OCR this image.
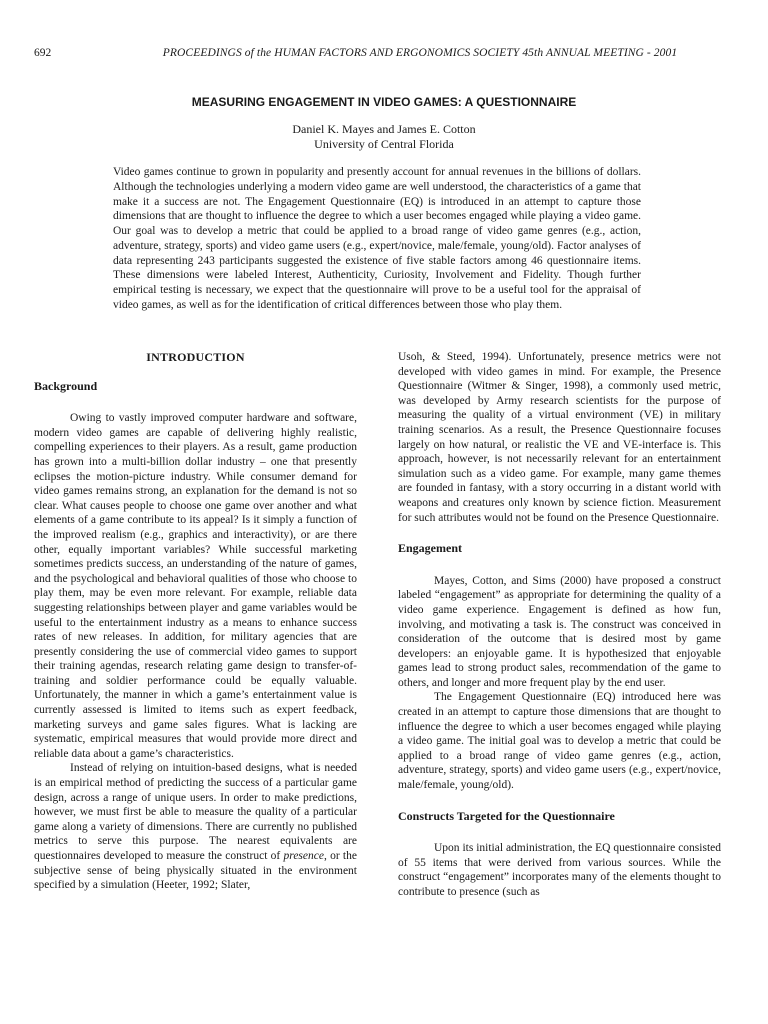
692	PROCEEDINGS of the HUMAN FACTORS AND ERGONOMICS SOCIETY 45th ANNUAL MEETING - 2001
MEASURING ENGAGEMENT IN VIDEO GAMES: A QUESTIONNAIRE
Daniel K. Mayes and James E. Cotton
University of Central Florida

Video games continue to grown in popularity and presently account for annual revenues in the billions of dollars. Although the technologies underlying a modern video game are well understood, the characteristics of a game that make it a success are not. The Engagement Questionnaire (EQ) is introduced in an attempt to capture those dimensions that are thought to influence the degree to which a user becomes engaged while playing a video game. Our goal was to develop a metric that could be applied to a broad range of video game genres (e.g., action, adventure, strategy, sports) and video game users (e.g., expert/novice, male/female, young/old). Factor analyses of data representing 243 participants suggested the existence of five stable factors among 46 questionnaire items. These dimensions were labeled Interest, Authenticity, Curiosity, Involvement and Fidelity. Though further empirical testing is necessary, we expect that the questionnaire will prove to be a useful tool for the appraisal of video games, as well as for the identification of critical differences between those who play them.

INTRODUCTION
Background

Owing to vastly improved computer hardware and software, modern video games are capable of delivering highly realistic, compelling experiences to their players. As a result, game production has grown into a multi-billion dollar industry – one that presently eclipses the motion-picture industry. While consumer demand for video games remains strong, an explanation for the demand is not so clear. What causes people to choose one game over another and what elements of a game contribute to its appeal? Is it simply a function of the improved realism (e.g., graphics and interactivity), or are there other, equally important variables? While successful marketing sometimes predicts success, an understanding of the nature of games, and the psychological and behavioral qualities of those who choose to play them, may be even more relevant. For example, reliable data suggesting relationships between player and game variables would be useful to the entertainment industry as a means to enhance success rates of new releases. In addition, for military agencies that are presently considering the use of commercial video games to support their training agendas, research relating game design to transfer-of-training and soldier performance could be equally valuable. Unfortunately, the manner in which a game’s entertainment value is currently assessed is limited to items such as expert feedback, marketing surveys and game sales figures. What is lacking are systematic, empirical measures that would provide more direct and reliable data about a game’s characteristics.

Instead of relying on intuition-based designs, what is needed is an empirical method of predicting the success of a particular game design, across a range of unique users. In order to make predictions, however, we must first be able to measure the quality of a particular game along a variety of dimensions. There are currently no published metrics to serve this purpose. The nearest equivalents are questionnaires developed to measure the construct of presence, or the subjective sense of being physically situated in the environment specified by a simulation (Heeter, 1992; Slater,

Usoh, & Steed, 1994). Unfortunately, presence metrics were not developed with video games in mind. For example, the Presence Questionnaire (Witmer & Singer, 1998), a commonly used metric, was developed by Army research scientists for the purpose of measuring the quality of a virtual environment (VE) in military training scenarios. As a result, the Presence Questionnaire focuses largely on how natural, or realistic the VE and VE-interface is. This approach, however, is not necessarily relevant for an entertainment simulation such as a video game. For example, many game themes are founded in fantasy, with a story occurring in a distant world with weapons and creatures only known by science fiction. Measurement for such attributes would not be found on the Presence Questionnaire.

Engagement

Mayes, Cotton, and Sims (2000) have proposed a construct labeled “engagement” as appropriate for determining the quality of a video game experience. Engagement is defined as how fun, involving, and motivating a task is. The construct was conceived in consideration of the outcome that is desired most by game developers: an enjoyable game. It is hypothesized that enjoyable games lead to strong product sales, recommendation of the game to others, and longer and more frequent play by the end user.

The Engagement Questionnaire (EQ) introduced here was created in an attempt to capture those dimensions that are thought to influence the degree to which a user becomes engaged while playing a video game. The initial goal was to develop a metric that could be applied to a broad range of video game genres (e.g., action, adventure, strategy, sports) and video game users (e.g., expert/novice, male/female, young/old).

Constructs Targeted for the Questionnaire

Upon its initial administration, the EQ questionnaire consisted of 55 items that were derived from various sources. While the construct “engagement” incorporates many of the elements thought to contribute to presence (such as
